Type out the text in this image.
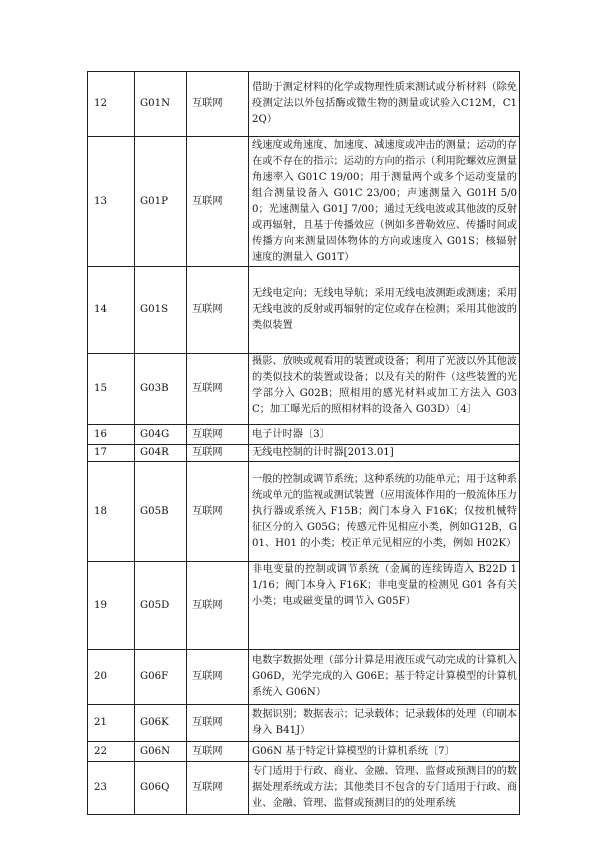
12	G01N	互联网	借助于测定材料的化学或物理性质来测试或分析材料（除免疫测定法以外包括酶或微生物的测量或试验入C12M，C12Q）
13	G01P	互联网	线速度或角速度、加速度、减速度或冲击的测量；运动的存在或不存在的指示；运动的方向的指示（利用陀螺效应测量角速率入 G01C 19/00；用于测量两个或多个运动变量的组合测量设备入 G01C 23/00；声速测量入 G01H 5/00；光速测量入 G01J 7/00；通过无线电波或其他波的反射或再辐射，且基于传播效应（例如多普勒效应、传播时间或传播方向来测量固体物体的方向或速度入 G01S；核辐射速度的测量入 G01T）
14	G01S	互联网	无线电定向；无线电导航；采用无线电波测距或测速；采用无线电波的反射或再辐射的定位或存在检测；采用其他波的类似装置
15	G03B	互联网	摄影、放映或观看用的装置或设备；利用了光波以外其他波的类似技术的装置或设备；以及有关的附件（这些装置的光学部分入 G02B；照相用的感光材料或加工方法入 G03C；加工曝光后的照相材料的设备入 G03D）〔4〕
16	G04G	互联网	电子计时器〔3〕
17	G04R	互联网	无线电控制的计时器[2013.01]
18	G05B	互联网	一般的控制或调节系统；这种系统的功能单元；用于这种系统或单元的监视或测试装置（应用流体作用的一般流体压力执行器或系统入 F15B；阀门本身入 F16K；仅按机械特征区分的入 G05G；传感元件见相应小类，例如G12B，G01、H01 的小类；校正单元见相应的小类，例如 H02K）
19	G05D	互联网	非电变量的控制或调节系统（金属的连续铸造入 B22D 11/16；阀门本身入 F16K；非电变量的检测见 G01 各有关小类；电或磁变量的调节入 G05F）
20	G06F	互联网	电数字数据处理（部分计算是用液压或气动完成的计算机入 G06D，光学完成的入 G06E；基于特定计算模型的计算机系统入 G06N）
21	G06K	互联网	数据识别；数据表示；记录载体；记录载体的处理（印刷本身入 B41J）
22	G06N	互联网	G06N 基于特定计算模型的计算机系统〔7〕
23	G06Q	互联网	专门适用于行政、商业、金融、管理、监督或预测目的的数据处理系统或方法；其他类目不包含的专门适用于行政、商业、金融、管理、监督或预测目的的处理系统
